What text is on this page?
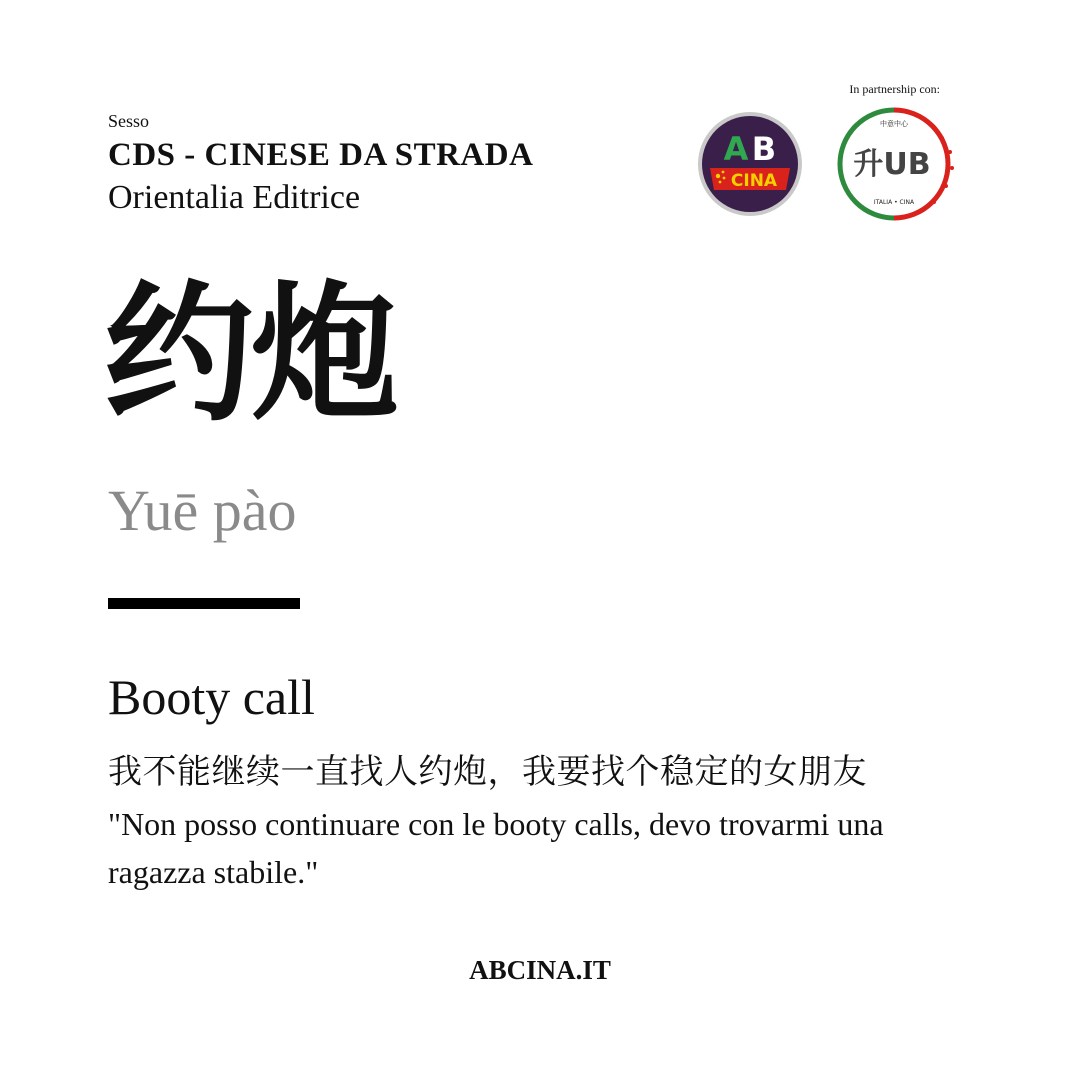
Sesso
CDS - CINESE DA STRADA
Orientalia Editrice
In partnership con:
A B
CINA
中意中心
升UB
ITALIA • CINA
约炮
Yuē pào
Booty call
我不能继续一直找人约炮，我要找个稳定的女朋友
"Non posso continuare con le booty calls, devo trovarmi una ragazza stabile."
ABCINA.IT
